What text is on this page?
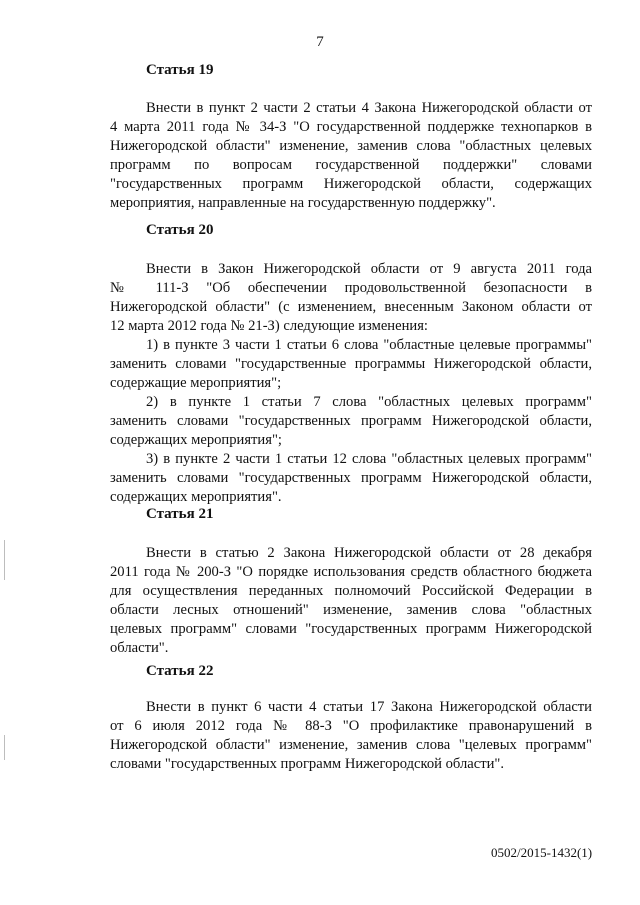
7
Статья 19
Внести в пункт 2 части 2 статьи 4 Закона Нижегородской области от
4 марта 2011 года № 34-З "О государственной поддержке технопарков в
Нижегородской области" изменение, заменив слова "областных целевых
программ по вопросам государственной поддержки" словами
"государственных программ Нижегородской области, содержащих
мероприятия, направленные на государственную поддержку".
Статья 20
Внести в Закон Нижегородской области от 9 августа 2011 года
№ 111-З "Об обеспечении продовольственной безопасности в
Нижегородской области" (с изменением, внесенным Законом области от
12 марта 2012 года № 21-З) следующие изменения:
1) в пункте 3 части 1 статьи 6 слова "областные целевые программы"
заменить словами "государственные программы Нижегородской области,
содержащие мероприятия";
2) в пункте 1 статьи 7 слова "областных целевых программ"
заменить словами "государственных программ Нижегородской области,
содержащих мероприятия";
3) в пункте 2 части 1 статьи 12 слова "областных целевых программ"
заменить словами "государственных программ Нижегородской области,
содержащих мероприятия".
Статья 21
Внести в статью 2 Закона Нижегородской области от 28 декабря
2011 года № 200-З "О порядке использования средств областного бюджета
для осуществления переданных полномочий Российской Федерации в
области лесных отношений" изменение, заменив слова "областных
целевых программ" словами "государственных программ Нижегородской
области".
Статья 22
Внести в пункт 6 части 4 статьи 17 Закона Нижегородской области
от 6 июля 2012 года № 88-З "О профилактике правонарушений в
Нижегородской области" изменение, заменив слова "целевых программ"
словами "государственных программ Нижегородской области".
0502/2015-1432(1)
